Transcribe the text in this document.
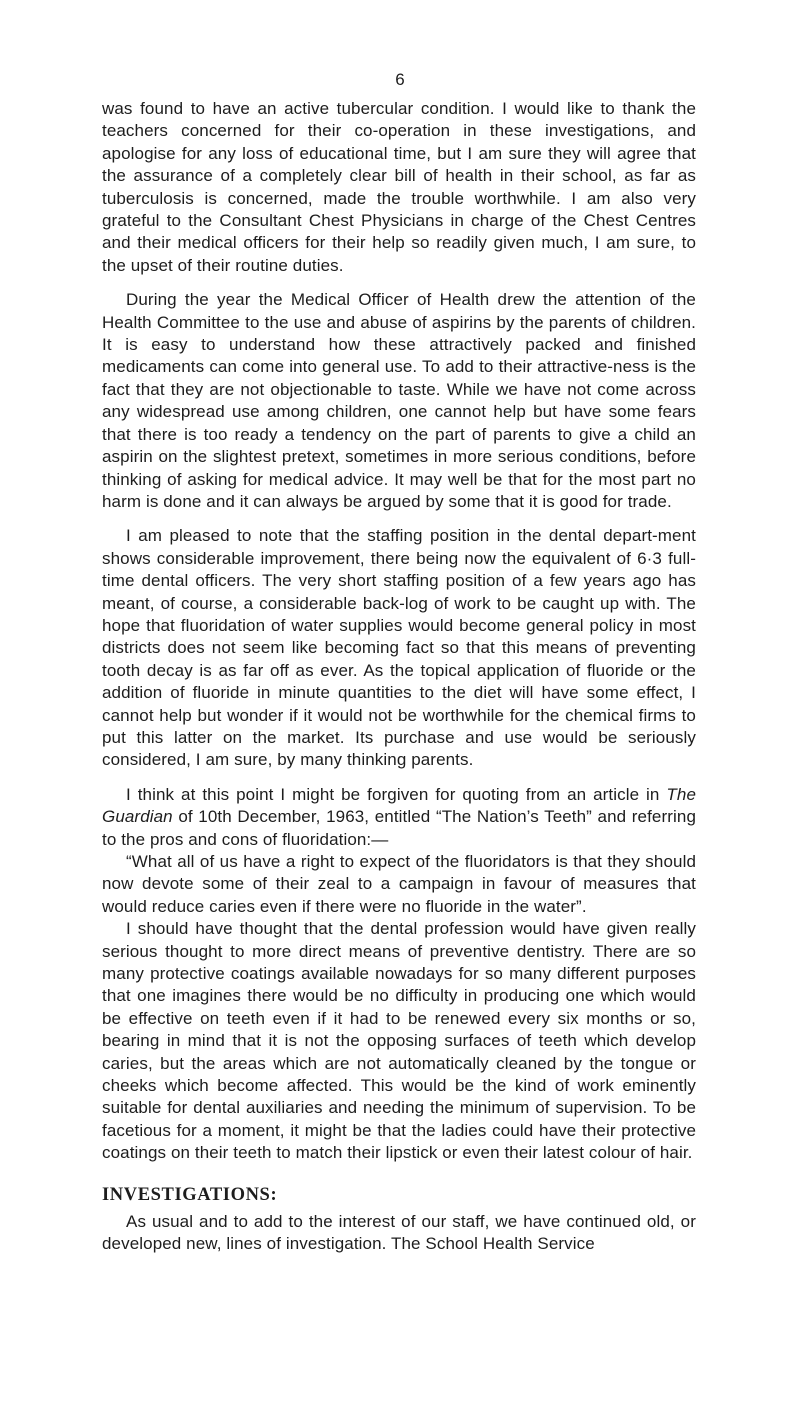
6

was found to have an active tubercular condition. I would like to thank the teachers concerned for their co-operation in these investigations, and apologise for any loss of educational time, but I am sure they will agree that the assurance of a completely clear bill of health in their school, as far as tuberculosis is concerned, made the trouble worthwhile. I am also very grateful to the Consultant Chest Physicians in charge of the Chest Centres and their medical officers for their help so readily given much, I am sure, to the upset of their routine duties.

During the year the Medical Officer of Health drew the attention of the Health Committee to the use and abuse of aspirins by the parents of children. It is easy to understand how these attractively packed and finished medicaments can come into general use. To add to their attractive-ness is the fact that they are not objectionable to taste. While we have not come across any widespread use among children, one cannot help but have some fears that there is too ready a tendency on the part of parents to give a child an aspirin on the slightest pretext, sometimes in more serious conditions, before thinking of asking for medical advice. It may well be that for the most part no harm is done and it can always be argued by some that it is good for trade.

I am pleased to note that the staffing position in the dental depart-ment shows considerable improvement, there being now the equivalent of 6·3 full-time dental officers. The very short staffing position of a few years ago has meant, of course, a considerable back-log of work to be caught up with. The hope that fluoridation of water supplies would become general policy in most districts does not seem like becoming fact so that this means of preventing tooth decay is as far off as ever. As the topical application of fluoride or the addition of fluoride in minute quantities to the diet will have some effect, I cannot help but wonder if it would not be worthwhile for the chemical firms to put this latter on the market. Its purchase and use would be seriously considered, I am sure, by many thinking parents.

I think at this point I might be forgiven for quoting from an article in The Guardian of 10th December, 1963, entitled “The Nation’s Teeth” and referring to the pros and cons of fluoridation:—

“What all of us have a right to expect of the fluoridators is that they should now devote some of their zeal to a campaign in favour of measures that would reduce caries even if there were no fluoride in the water”.

I should have thought that the dental profession would have given really serious thought to more direct means of preventive dentistry. There are so many protective coatings available nowadays for so many different purposes that one imagines there would be no difficulty in producing one which would be effective on teeth even if it had to be renewed every six months or so, bearing in mind that it is not the opposing surfaces of teeth which develop caries, but the areas which are not automatically cleaned by the tongue or cheeks which become affected. This would be the kind of work eminently suitable for dental auxiliaries and needing the minimum of supervision. To be facetious for a moment, it might be that the ladies could have their protective coatings on their teeth to match their lipstick or even their latest colour of hair.

INVESTIGATIONS:

As usual and to add to the interest of our staff, we have continued old, or developed new, lines of investigation. The School Health Service
